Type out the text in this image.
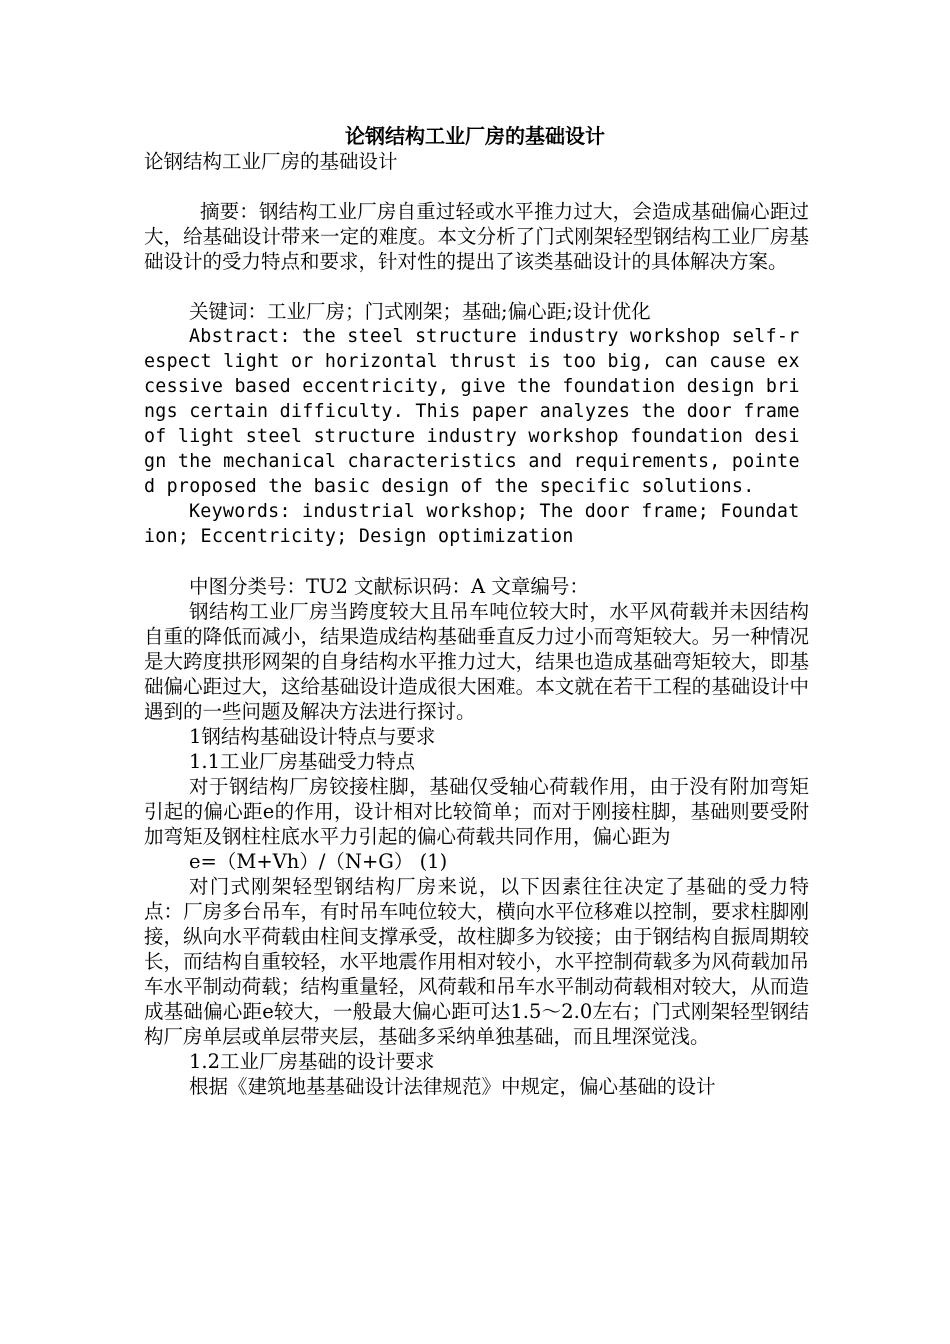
论钢结构工业厂房的基础设计

论钢结构工业厂房的基础设计

摘要：钢结构工业厂房自重过轻或水平推力过大，会造成基础偏心距过大，给基础设计带来一定的难度。本文分析了门式刚架轻型钢结构工业厂房基础设计的受力特点和要求，针对性的提出了该类基础设计的具体解决方案。

关键词：工业厂房；门式刚架；基础;偏心距;设计优化

Abstract: the steel structure industry workshop self-respect light or horizontal thrust is too big, can cause excessive based eccentricity, give the foundation design brings certain difficulty. This paper analyzes the door frame of light steel structure industry workshop foundation design the mechanical characteristics and requirements, pointed proposed the basic design of the specific solutions.

Keywords: industrial workshop; The door frame; Foundation; Eccentricity; Design optimization

中图分类号：TU2 文献标识码：A 文章编号：

钢结构工业厂房当跨度较大且吊车吨位较大时，水平风荷载并未因结构自重的降低而减小，结果造成结构基础垂直反力过小而弯矩较大。另一种情况是大跨度拱形网架的自身结构水平推力过大，结果也造成基础弯矩较大，即基础偏心距过大，这给基础设计造成很大困难。本文就在若干工程的基础设计中遇到的一些问题及解决方法进行探讨。

1钢结构基础设计特点与要求

1.1工业厂房基础受力特点

对于钢结构厂房铰接柱脚，基础仅受轴心荷载作用，由于没有附加弯矩引起的偏心距e的作用，设计相对比较简单；而对于刚接柱脚，基础则要受附加弯矩及钢柱柱底水平力引起的偏心荷载共同作用，偏心距为

e=（M+Vh）/（N+G） (1)

对门式刚架轻型钢结构厂房来说，以下因素往往决定了基础的受力特点：厂房多台吊车，有时吊车吨位较大，横向水平位移难以控制，要求柱脚刚接，纵向水平荷载由柱间支撑承受，故柱脚多为铰接；由于钢结构自振周期较长，而结构自重较轻，水平地震作用相对较小，水平控制荷载多为风荷载加吊车水平制动荷载；结构重量轻，风荷载和吊车水平制动荷载相对较大，从而造成基础偏心距e较大，一般最大偏心距可达1.5～2.0左右；门式刚架轻型钢结构厂房单层或单层带夹层，基础多采纳单独基础，而且埋深觉浅。

1.2工业厂房基础的设计要求

根据《建筑地基基础设计法律规范》中规定，偏心基础的设计
